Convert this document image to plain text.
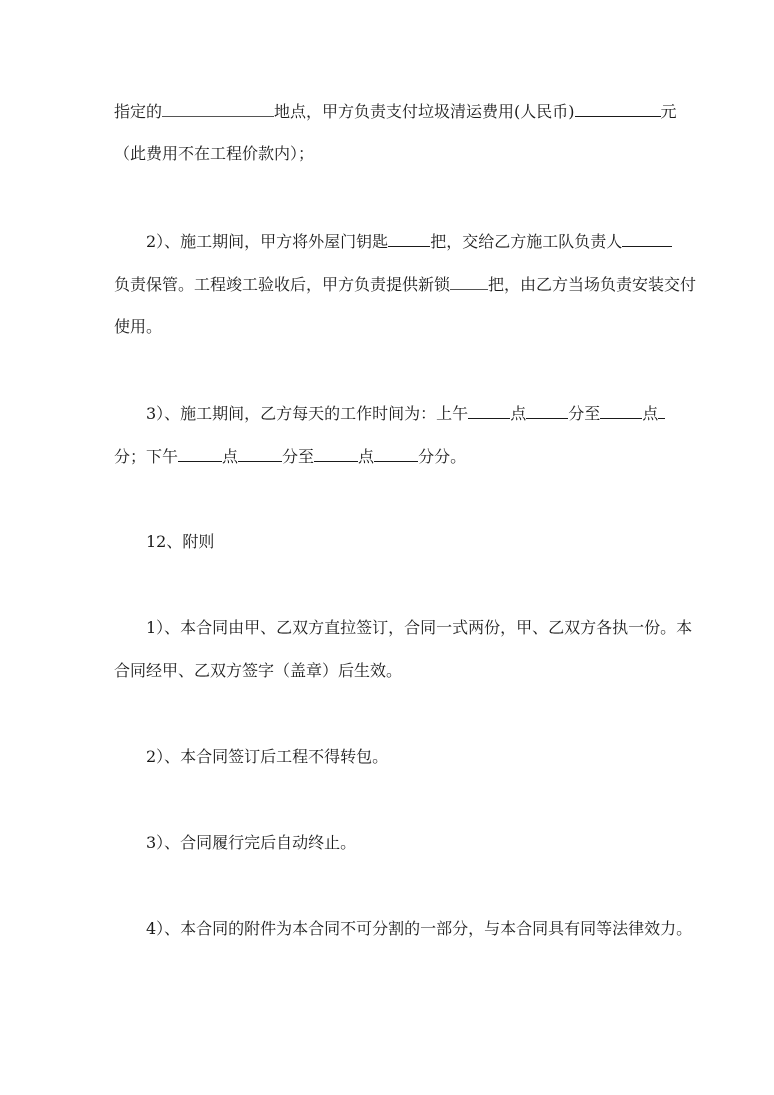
指定的	地点，甲方负责支付垃圾清运费用(人民币)	元
（此费用不在工程价款内）；
2）、施工期间，甲方将外屋门钥匙	把，交给乙方施工队负责人
负责保管。工程竣工验收后，甲方负责提供新锁 把，由乙方当场负责安装交付
使用。
3）、施工期间，乙方每天的工作时间为：上午	点	分至	点
分；下午	点	分至	点	分分。
12、附则
1）、本合同由甲、乙双方直拉签订，合同一式两份，甲、乙双方各执一份。本
合同经甲、乙双方签字（盖章）后生效。
2）、本合同签订后工程不得转包。
3）、合同履行完后自动终止。
4）、本合同的附件为本合同不可分割的一部分，与本合同具有同等法律效力。
